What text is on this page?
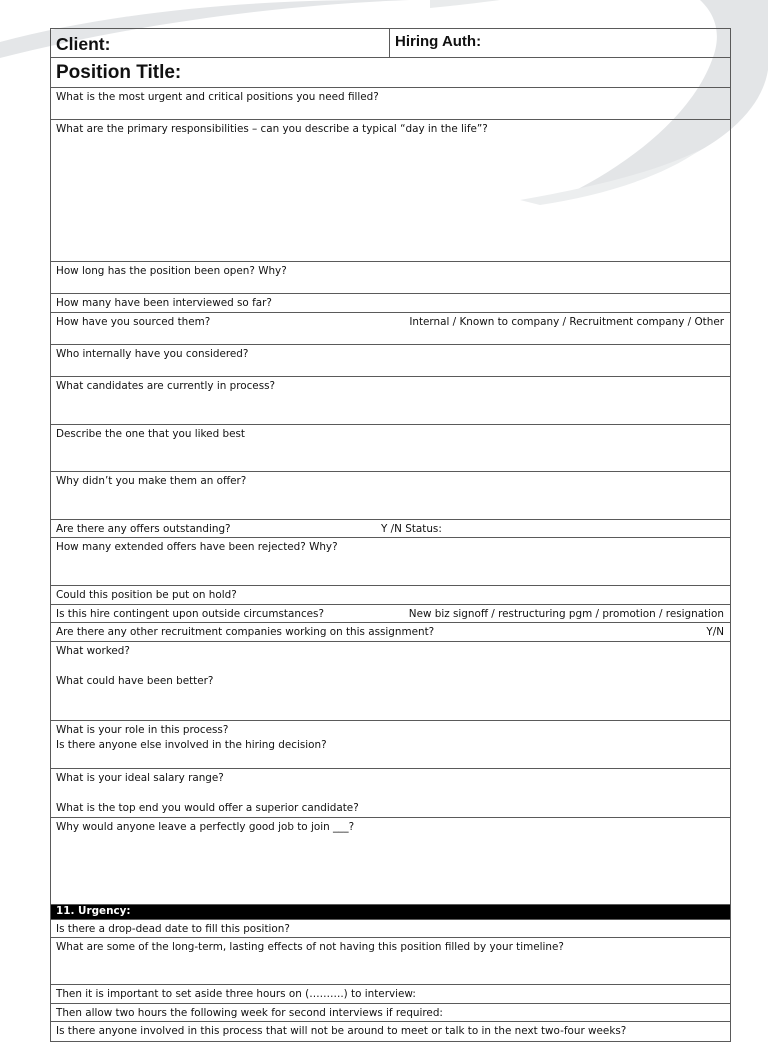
Client:	Hiring Auth:
Position Title:
What is the most urgent and critical positions you need filled?
What are the primary responsibilities – can you describe a typical “day in the life”?
How long has the position been open? Why?
How many have been interviewed so far?

How have you sourced them?	Internal / Known to company / Recruitment company / Other

Who internally have you considered?
What candidates are currently in process?
Describe the one that you liked best
Why didn’t you make them an offer?
Are there any offers outstanding?	Y /N Status:

How many extended offers have been rejected? Why?
Could this position be put on hold?

Is this hire contingent upon outside circumstances?	New biz signoff / restructuring pgm / promotion / resignation

Are there any other recruitment companies working on this assignment?	Y/N

What worked?
What could have been better?

What is your role in this process?
Is there anyone else involved in the hiring decision?

What is your ideal salary range?
What is the top end you would offer a superior candidate?

Why would anyone leave a perfectly good job to join ___?
11. Urgency:
Is there a drop-dead date to fill this position?
What are some of the long-term, lasting effects of not having this position filled by your timeline?
Then it is important to set aside three hours on (……….) to interview:
Then allow two hours the following week for second interviews if required:
Is there anyone involved in this process that will not be around to meet or talk to in the next two-four weeks?
